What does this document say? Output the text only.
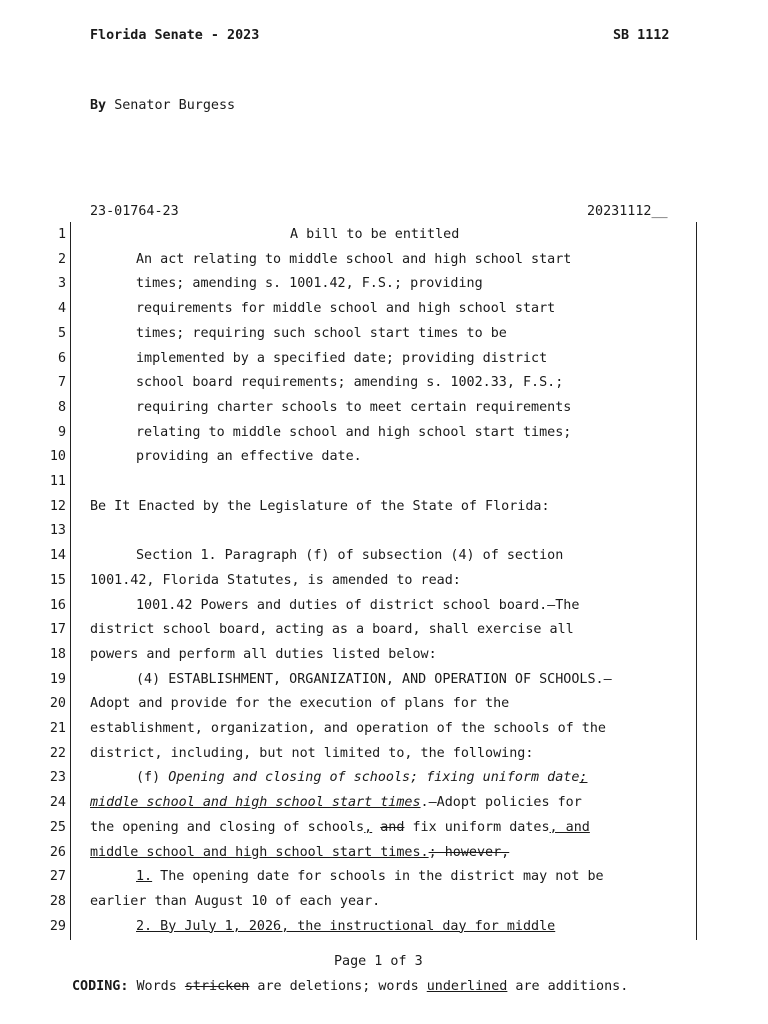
Florida Senate - 2023	SB 1112
By Senator Burgess
23-01764-23	20231112__
1	A bill to be entitled
2	An act relating to middle school and high school start
3	times; amending s. 1001.42, F.S.; providing
4	requirements for middle school and high school start
5	times; requiring such school start times to be
6	implemented by a specified date; providing district
7	school board requirements; amending s. 1002.33, F.S.;
8	requiring charter schools to meet certain requirements
9	relating to middle school and high school start times;
10	providing an effective date.
11
12 Be It Enacted by the Legislature of the State of Florida:
13
14	Section 1. Paragraph (f) of subsection (4) of section
15 1001.42, Florida Statutes, is amended to read:
16	1001.42 Powers and duties of district school board.—The
17 district school board, acting as a board, shall exercise all
18 powers and perform all duties listed below:
19	(4) ESTABLISHMENT, ORGANIZATION, AND OPERATION OF SCHOOLS.—
20 Adopt and provide for the execution of plans for the
21 establishment, organization, and operation of the schools of the
22 district, including, but not limited to, the following:
23	(f) Opening and closing of schools; fixing uniform date;
24 middle school and high school start times.—Adopt policies for
25 the opening and closing of schools, and fix uniform dates, and
26 middle school and high school start times.; however,
27	1. The opening date for schools in the district may not be
28 earlier than August 10 of each year.
29	2. By July 1, 2026, the instructional day for middle
Page 1 of 3
CODING: Words stricken are deletions; words underlined are additions.
